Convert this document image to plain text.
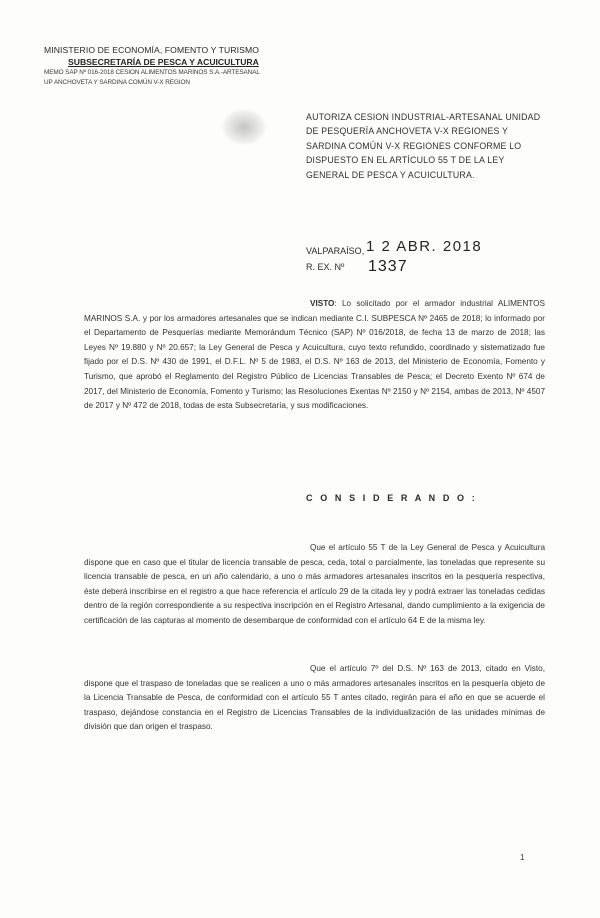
MINISTERIO DE ECONOMÍA, FOMENTO Y TURISMO
SUBSECRETARÍA DE PESCA Y ACUICULTURA
MEMO SAP Nº 016-2018 CESION ALIMENTOS MARINOS S.A.-ARTESANAL
UP ANCHOVETA Y SARDINA COMÚN V-X REGION
AUTORIZA CESION INDUSTRIAL-ARTESANAL UNIDAD DE PESQUERÍA ANCHOVETA V-X REGIONES Y SARDINA COMÚN V-X REGIONES CONFORME LO DISPUESTO EN EL ARTÍCULO 55 T DE LA LEY GENERAL DE PESCA Y ACUICULTURA.
VALPARAÍSO, 1 2 ABR. 2018
R. EX. Nº 1337

VISTO: Lo solicitado por el armador industrial ALIMENTOS MARINOS S.A. y por los armadores artesanales que se indican mediante C.I. SUBPESCA Nº 2465 de 2018; lo informado por el Departamento de Pesquerías mediante Memorándum Técnico (SAP) Nº 016/2018, de fecha 13 de marzo de 2018; las Leyes Nº 19.880 y Nº 20.657; la Ley General de Pesca y Acuicultura, cuyo texto refundido, coordinado y sistematizado fue fijado por el D.S. Nº 430 de 1991, el D.F.L. Nº 5 de 1983, el D.S. Nº 163 de 2013, del Ministerio de Economía, Fomento y Turismo, que aprobó el Reglamento del Registro Público de Licencias Transables de Pesca; el Decreto Exento Nº 674 de 2017, del Ministerio de Economía, Fomento y Turismo; las Resoluciones Exentas Nº 2150 y Nº 2154, ambas de 2013, Nº 4507 de 2017 y Nº 472 de 2018, todas de esta Subsecretaría, y sus modificaciones.

C O N S I D E R A N D O :

Que el artículo 55 T de la Ley General de Pesca y Acuicultura dispone que en caso que el titular de licencia transable de pesca, ceda, total o parcialmente, las toneladas que represente su licencia transable de pesca, en un año calendario, a uno o más armadores artesanales inscritos en la pesquería respectiva, éste deberá inscribirse en el registro a que hace referencia el artículo 29 de la citada ley y podrá extraer las toneladas cedidas dentro de la región correspondiente a su respectiva inscripción en el Registro Artesanal, dando cumplimiento a la exigencia de certificación de las capturas al momento de desembarque de conformidad con el artículo 64 E de la misma ley.

Que el artículo 7º del D.S. Nº 163 de 2013, citado en Visto, dispone que el traspaso de toneladas que se realicen a uno o más armadores artesanales inscritos en la pesquería objeto de la Licencia Transable de Pesca, de conformidad con el artículo 55 T antes citado, regirán para el año en que se acuerde el traspaso, dejándose constancia en el Registro de Licencias Transables de la individualización de las unidades mínimas de división que dan origen el traspaso.

1
